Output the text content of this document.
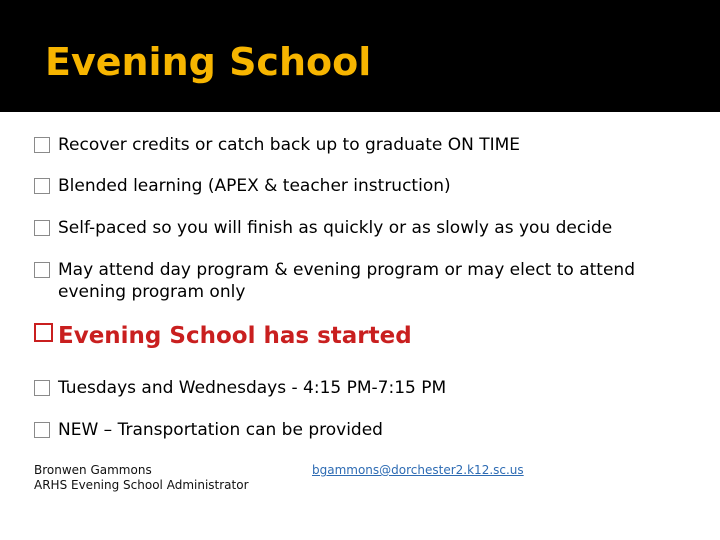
Evening School
Recover credits or catch back up to graduate ON TIME
Blended learning (APEX & teacher instruction)
Self-paced so you will finish as quickly or as slowly as you decide
May attend day program & evening program or may elect to attend evening program only
Evening School has started
Tuesdays and Wednesdays - 4:15 PM-7:15 PM
NEW – Transportation can be provided
Bronwen Gammons
ARHS Evening School Administrator
bgammons@dorchester2.k12.sc.us
